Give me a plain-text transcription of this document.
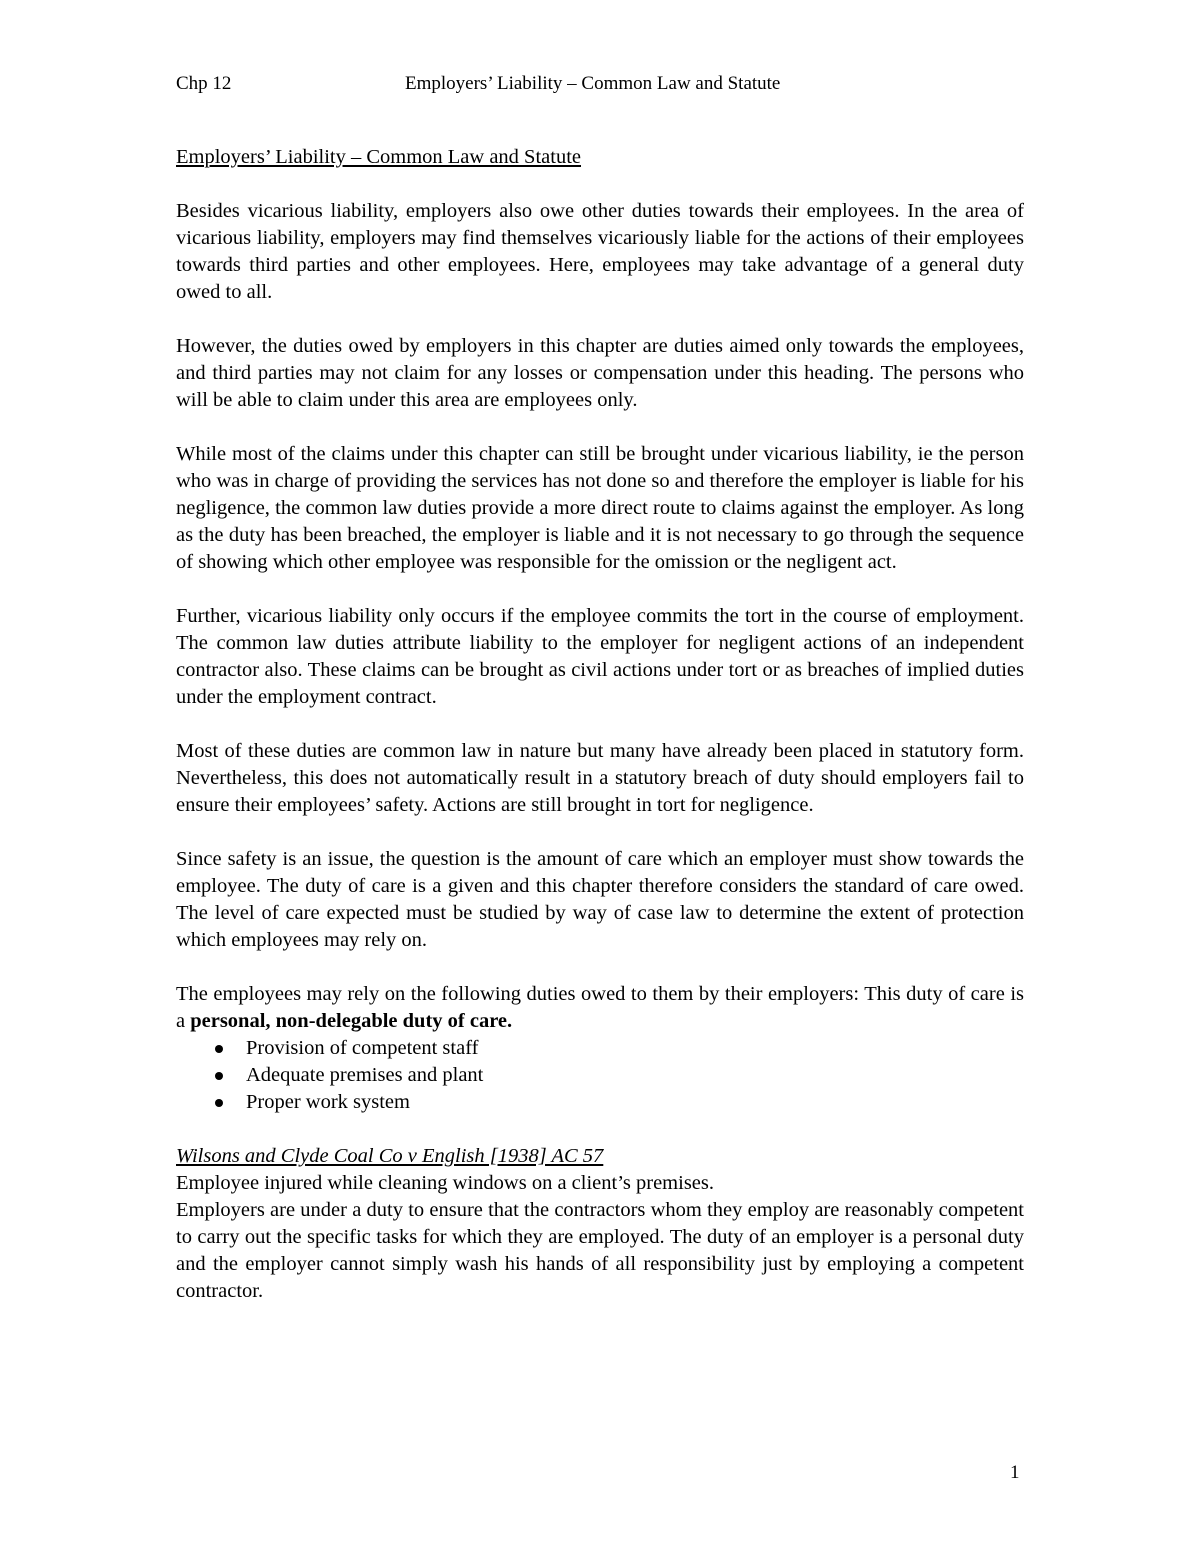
Chp 12	Employers’ Liability – Common Law and Statute
Employers’ Liability – Common Law and Statute

Besides vicarious liability, employers also owe other duties towards their employees. In the area of vicarious liability, employers may find themselves vicariously liable for the actions of their employees towards third parties and other employees. Here, employees may take advantage of a general duty owed to all.

However, the duties owed by employers in this chapter are duties aimed only towards the employees, and third parties may not claim for any losses or compensation under this heading. The persons who will be able to claim under this area are employees only.

While most of the claims under this chapter can still be brought under vicarious liability, ie the person who was in charge of providing the services has not done so and therefore the employer is liable for his negligence, the common law duties provide a more direct route to claims against the employer. As long as the duty has been breached, the employer is liable and it is not necessary to go through the sequence of showing which other employee was responsible for the omission or the negligent act.

Further, vicarious liability only occurs if the employee commits the tort in the course of employment. The common law duties attribute liability to the employer for negligent actions of an independent contractor also. These claims can be brought as civil actions under tort or as breaches of implied duties under the employment contract.

Most of these duties are common law in nature but many have already been placed in statutory form. Nevertheless, this does not automatically result in a statutory breach of duty should employers fail to ensure their employees’ safety. Actions are still brought in tort for negligence.

Since safety is an issue, the question is the amount of care which an employer must show towards the employee. The duty of care is a given and this chapter therefore considers the standard of care owed. The level of care expected must be studied by way of case law to determine the extent of protection which employees may rely on.

The employees may rely on the following duties owed to them by their employers: This duty of care is a personal, non-delegable duty of care.

Provision of competent staff
Adequate premises and plant
Proper work system
Wilsons and Clyde Coal Co v English [1938] AC 57

Employee injured while cleaning windows on a client’s premises.

Employers are under a duty to ensure that the contractors whom they employ are reasonably competent to carry out the specific tasks for which they are employed. The duty of an employer is a personal duty and the employer cannot simply wash his hands of all responsibility just by employing a competent contractor.

1
